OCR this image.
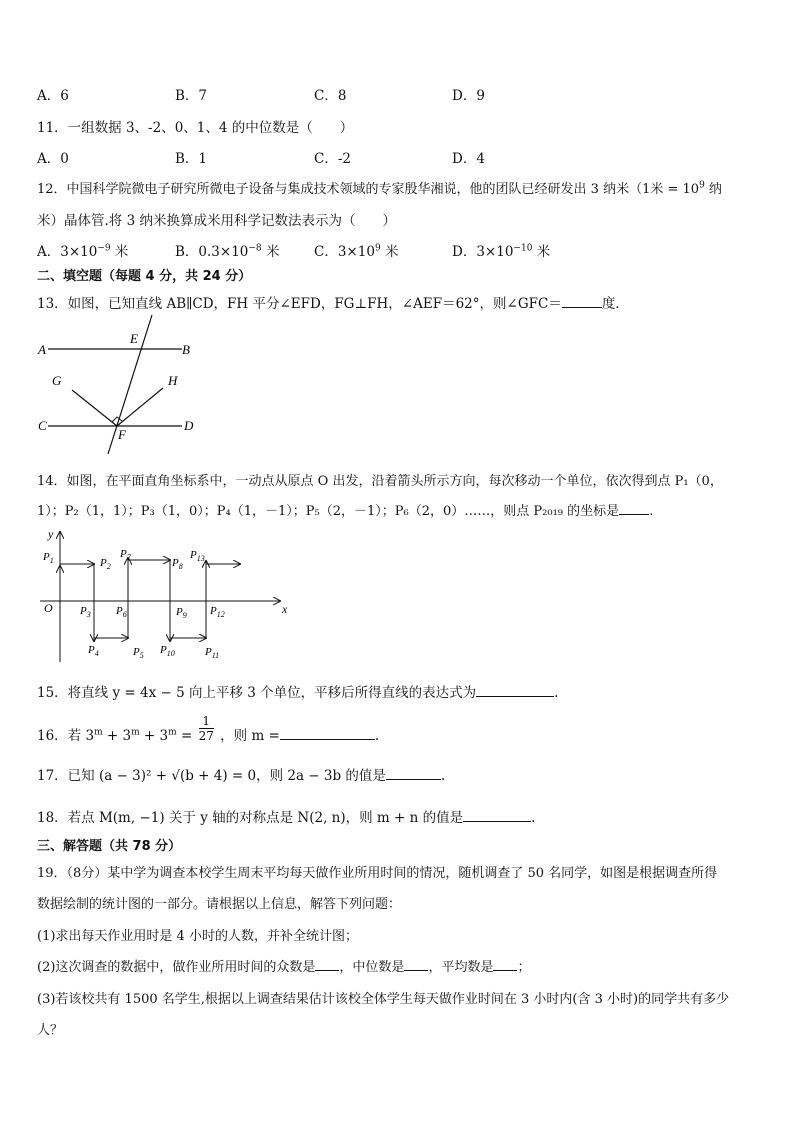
A．6	B．7	C．8	D．9
11．一组数据 3、-2、0、1、4 的中位数是（　　）
A．0	B．1	C．-2	D．4
12．中国科学院微电子研究所微电子设备与集成技术领域的专家殷华湘说，他的团队已经研发出 3 纳米（1米 = $10^9$ 纳
米）晶体管.将 3 纳米换算成米用科学记数法表示为（　　）
A．$3\times 10^{-9}$ 米	B．$0.3\times 10^{-8}$ 米	C．$3\times 10^9$ 米	D．$3\times 10^{-10}$ 米
二、填空题（每题 4 分，共 24 分）
13．如图，已知直线 AB∥CD，FH 平分∠EFD，FG⊥FH，∠AEF＝62°，则∠GFC＝	度.
A	B
C	D
E
F
G	H
14．如图，在平面直角坐标系中，一动点从原点 O 出发，沿着箭头所示方向，每次移动一个单位，依次得到点 P₁（0，
1）；P₂（1，1）；P₃（1，0）；P₄（1，－1）；P₅（2，－1）；P₆（2，0）……，则点 P₂₀₁₉ 的坐标是 .
x
y
O
$P_1$	$P_2$
$P_3$
$P_4$	$P_5$
$P_6$
$P_7$	$P_8$
$P_9$
$P_{10}$	$P_{11}$
$P_{12}$
$P_{13}$
15．将直线 y = 4x − 5 向上平移 3 个单位，平移后所得直线的表达式为	.
16．若 $3^m + 3^m + 3^m = \frac{1}{27}$ ，则 m =	.
17．已知 (a − 3)² + √(b + 4) = 0，则 2a − 3b 的值是	.
18．若点 M(m, −1) 关于 y 轴的对称点是 N(2, n)，则 m + n 的值是	.
三、解答题（共 78 分）
19．（8分）某中学为调查本校学生周末平均每天做作业所用时间的情况，随机调查了 50 名同学，如图是根据调查所得
数据绘制的统计图的一部分。请根据以上信息，解答下列问题：
(1)求出每天作业用时是 4 小时的人数，并补全统计图；
(2)这次调查的数据中，做作业所用时间的众数是 ，中位数是 ，平均数是 ；
(3)若该校共有 1500 名学生,根据以上调查结果估计该校全体学生每天做作业时间在 3 小时内(含 3 小时)的同学共有多少
人？
